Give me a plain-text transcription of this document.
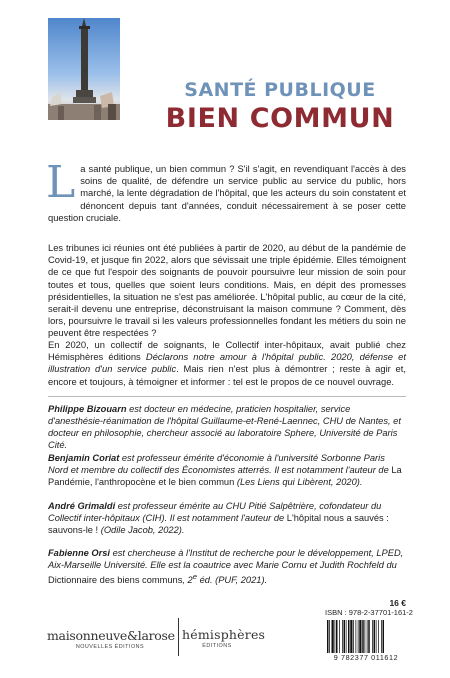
SANTÉ PUBLIQUE
BIEN COMMUN
La santé publique, un bien commun ? S'il s'agit, en revendiquant l'accès à des soins de qualité, de défendre un service public au service du public, hors marché, la lente dégradation de l'hôpital, que les acteurs du soin constatent et dénoncent depuis tant d'années, conduit nécessairement à se poser cette question cruciale.
Les tribunes ici réunies ont été publiées à partir de 2020, au début de la pandémie de Covid-19, et jusque fin 2022, alors que sévissait une triple épidémie. Elles témoignent de ce que fut l'espoir des soignants de pouvoir poursuivre leur mission de soin pour toutes et tous, quelles que soient leurs conditions. Mais, en dépit des promesses présidentielles, la situation ne s'est pas améliorée. L'hôpital public, au cœur de la cité, serait-il devenu une entreprise, déconstruisant la maison commune ? Comment, dès lors, poursuivre le travail si les valeurs professionnelles fondant les métiers du soin ne peuvent être respectées ?
En 2020, un collectif de soignants, le Collectif inter-hôpitaux, avait publié chez Hémisphères éditions Déclarons notre amour à l'hôpital public. 2020, défense et illustration d'un service public. Mais rien n'est plus à démontrer ; reste à agir et, encore et toujours, à témoigner et informer : tel est le propos de ce nouvel ouvrage.
Philippe Bizouarn est docteur en médecine, praticien hospitalier, service d'anesthésie-réanimation de l'hôpital Guillaume-et-René-Laennec, CHU de Nantes, et docteur en philosophie, chercheur associé au laboratoire Sphere, Université de Paris Cité.
Benjamin Coriat est professeur émérite d'économie à l'université Sorbonne Paris Nord et membre du collectif des Économistes atterrés. Il est notamment l'auteur de La Pandémie, l'anthropocène et le bien commun (Les Liens qui Libèrent, 2020).
André Grimaldi est professeur émérite au CHU Pitié Salpêtrière, cofondateur du Collectif inter-hôpitaux (CIH). Il est notamment l'auteur de L'hôpital nous a sauvés : sauvons-le ! (Odile Jacob, 2022).
Fabienne Orsi est chercheuse à l'Institut de recherche pour le développement, LPED, Aix-Marseille Université. Elle est la coautrice avec Marie Cornu et Judith Rochfeld du Dictionnaire des biens communs, 2e éd. (PUF, 2021).
16 €
ISBN : 978-2-37701-161-2
9 782377 011612
maisonneuve&larose
NOUVELLES ÉDITIONS
hémisphères
ÉDITIONS
